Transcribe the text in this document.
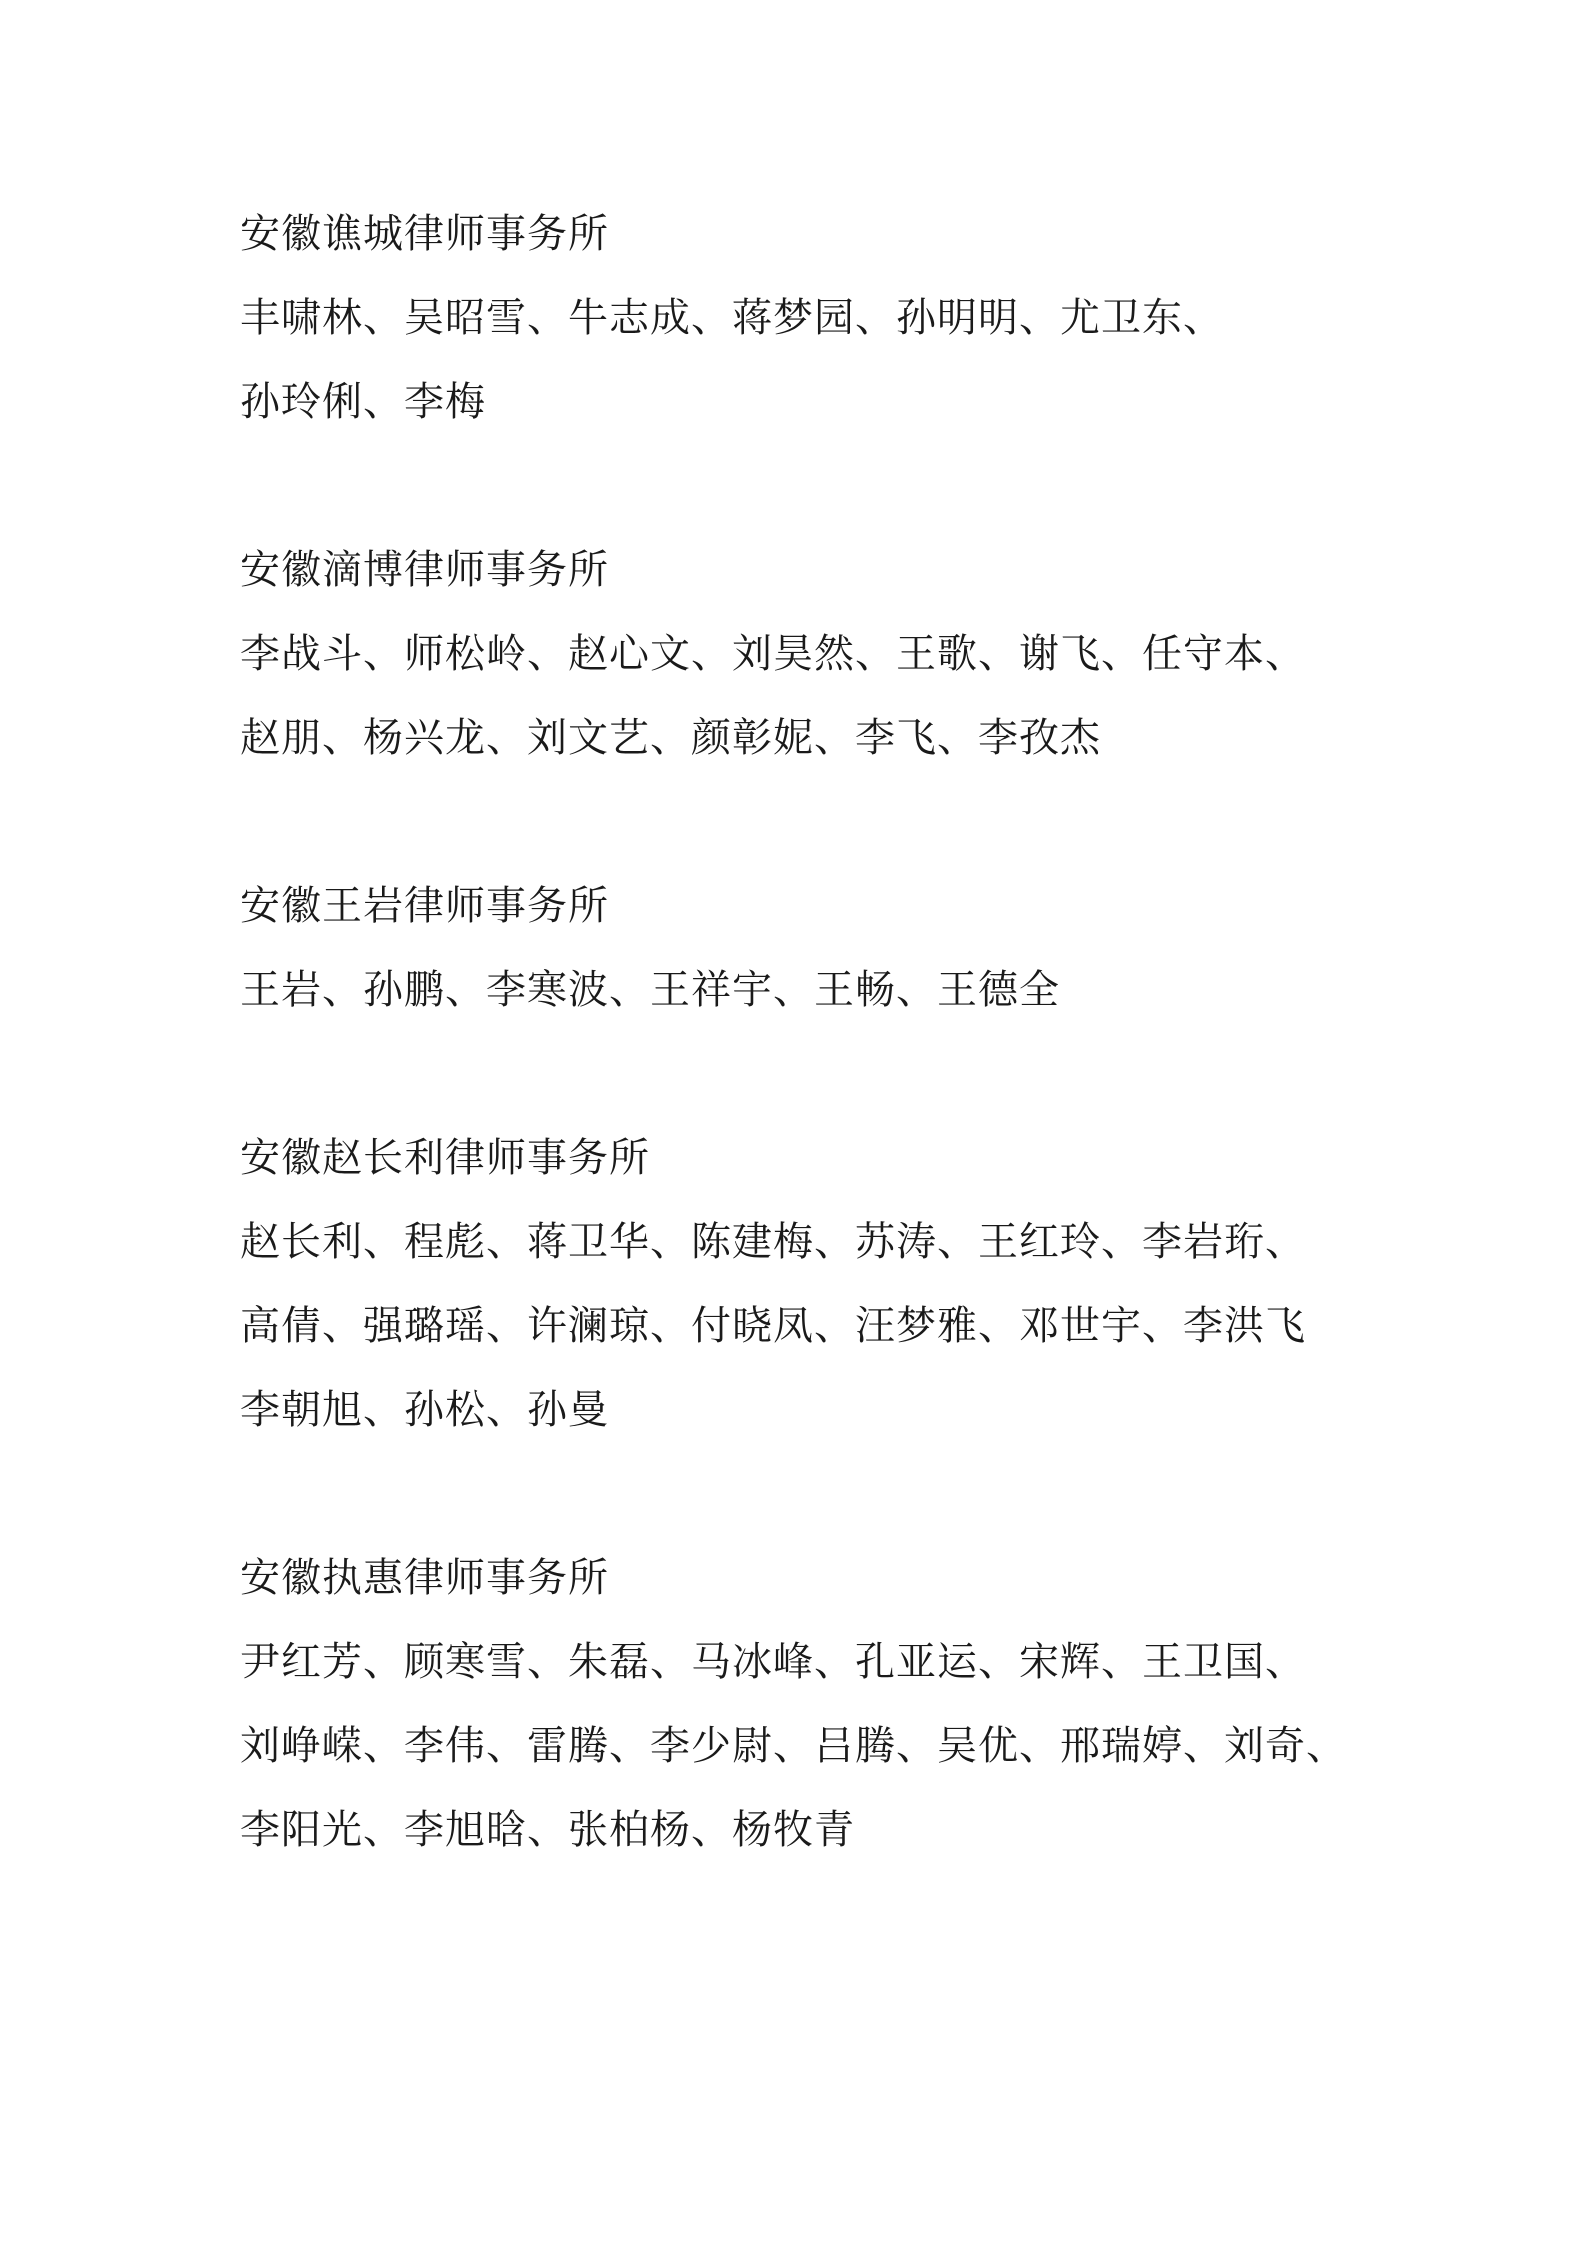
安徽谯城律师事务所
丰啸林、吴昭雪、牛志成、蒋梦园、孙明明、尤卫东、
孙玲俐、李梅
安徽滴博律师事务所
李战斗、师松岭、赵心文、刘昊然、王歌、谢飞、任守本、
赵朋、杨兴龙、刘文艺、颜彰妮、李飞、李孜杰
安徽王岩律师事务所
王岩、孙鹏、李寒波、王祥宇、王畅、王德全
安徽赵长利律师事务所
赵长利、程彪、蒋卫华、陈建梅、苏涛、王红玲、李岩珩、
高倩、强璐瑶、许澜琼、付晓凤、汪梦雅、邓世宇、李洪飞
李朝旭、孙松、孙曼
安徽执惠律师事务所
尹红芳、顾寒雪、朱磊、马冰峰、孔亚运、宋辉、王卫国、
刘峥嵘、李伟、雷腾、李少尉、吕腾、吴优、邢瑞婷、刘奇、
李阳光、李旭晗、张柏杨、杨牧青
